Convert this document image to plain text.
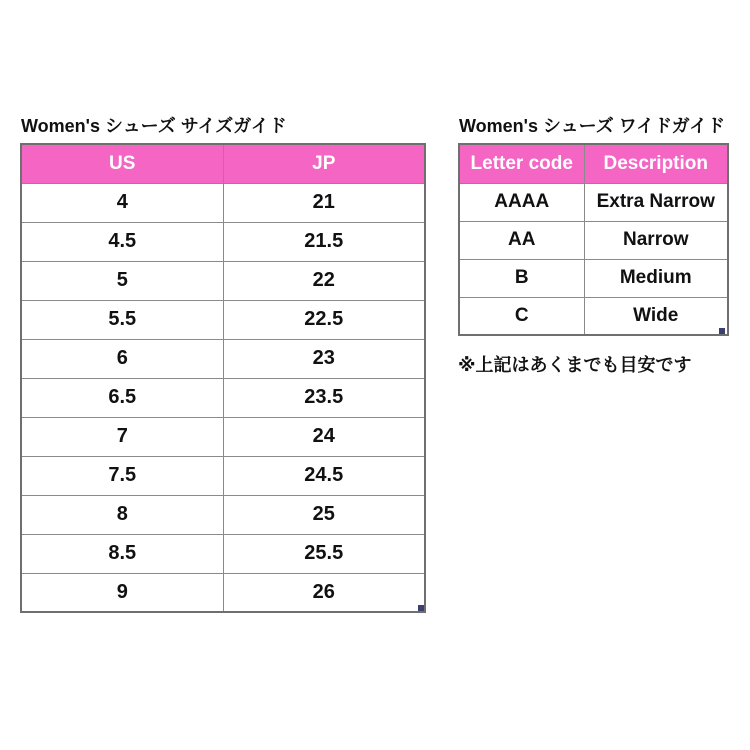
Women's シューズ サイズガイド
US	JP
4	21
4.5	21.5
5	22
5.5	22.5
6	23
6.5	23.5
7	24
7.5	24.5
8	25
8.5	25.5
9	26
Women's シューズ ワイドガイド
Letter code	Description
AAAA	Extra Narrow
AA	Narrow
B	Medium
C	Wide
※上記はあくまでも目安です
